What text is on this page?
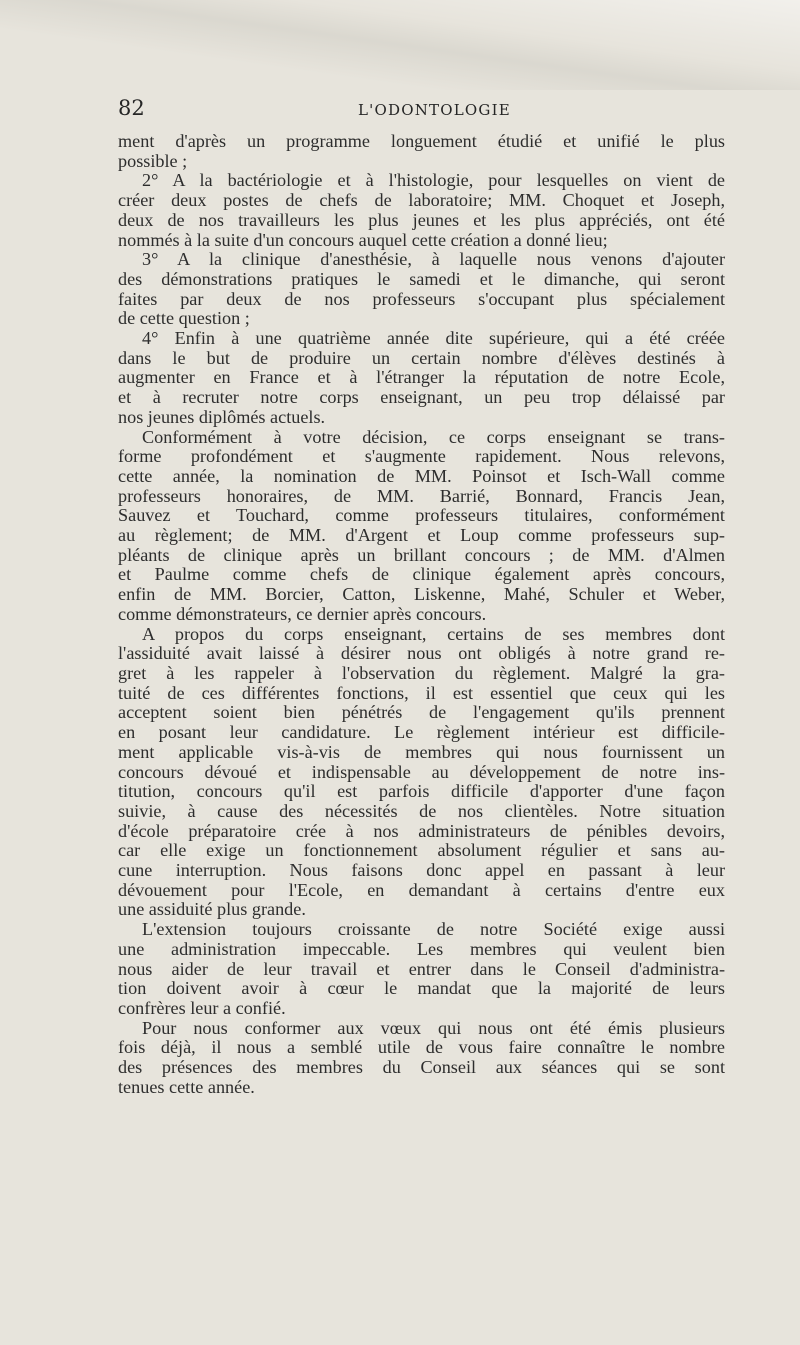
82	L'ODONTOLOGIE
ment d'après un programme longuement étudié et unifié le plus
possible ;
2° A la bactériologie et à l'histologie, pour lesquelles on vient de
créer deux postes de chefs de laboratoire; MM. Choquet et Joseph,
deux de nos travailleurs les plus jeunes et les plus appréciés, ont été
nommés à la suite d'un concours auquel cette création a donné lieu;
3° A la clinique d'anesthésie, à laquelle nous venons d'ajouter
des démonstrations pratiques le samedi et le dimanche, qui seront
faites par deux de nos professeurs s'occupant plus spécialement
de cette question ;
4° Enfin à une quatrième année dite supérieure, qui a été créée
dans le but de produire un certain nombre d'élèves destinés à
augmenter en France et à l'étranger la réputation de notre Ecole,
et à recruter notre corps enseignant, un peu trop délaissé par
nos jeunes diplômés actuels.
Conformément à votre décision, ce corps enseignant se trans-
forme profondément et s'augmente rapidement. Nous relevons,
cette année, la nomination de MM. Poinsot et Isch-Wall comme
professeurs honoraires, de MM. Barrié, Bonnard, Francis Jean,
Sauvez et Touchard, comme professeurs titulaires, conformément
au règlement; de MM. d'Argent et Loup comme professeurs sup-
pléants de clinique après un brillant concours ; de MM. d'Almen
et Paulme comme chefs de clinique également après concours,
enfin de MM. Borcier, Catton, Liskenne, Mahé, Schuler et Weber,
comme démonstrateurs, ce dernier après concours.
A propos du corps enseignant, certains de ses membres dont
l'assiduité avait laissé à désirer nous ont obligés à notre grand re-
gret à les rappeler à l'observation du règlement. Malgré la gra-
tuité de ces différentes fonctions, il est essentiel que ceux qui les
acceptent soient bien pénétrés de l'engagement qu'ils prennent
en posant leur candidature. Le règlement intérieur est difficile-
ment applicable vis-à-vis de membres qui nous fournissent un
concours dévoué et indispensable au développement de notre ins-
titution, concours qu'il est parfois difficile d'apporter d'une façon
suivie, à cause des nécessités de nos clientèles. Notre situation
d'école préparatoire crée à nos administrateurs de pénibles devoirs,
car elle exige un fonctionnement absolument régulier et sans au-
cune interruption. Nous faisons donc appel en passant à leur
dévouement pour l'Ecole, en demandant à certains d'entre eux
une assiduité plus grande.
L'extension toujours croissante de notre Société exige aussi
une administration impeccable. Les membres qui veulent bien
nous aider de leur travail et entrer dans le Conseil d'administra-
tion doivent avoir à cœur le mandat que la majorité de leurs
confrères leur a confié.
Pour nous conformer aux vœux qui nous ont été émis plusieurs
fois déjà, il nous a semblé utile de vous faire connaître le nombre
des présences des membres du Conseil aux séances qui se sont
tenues cette année.
